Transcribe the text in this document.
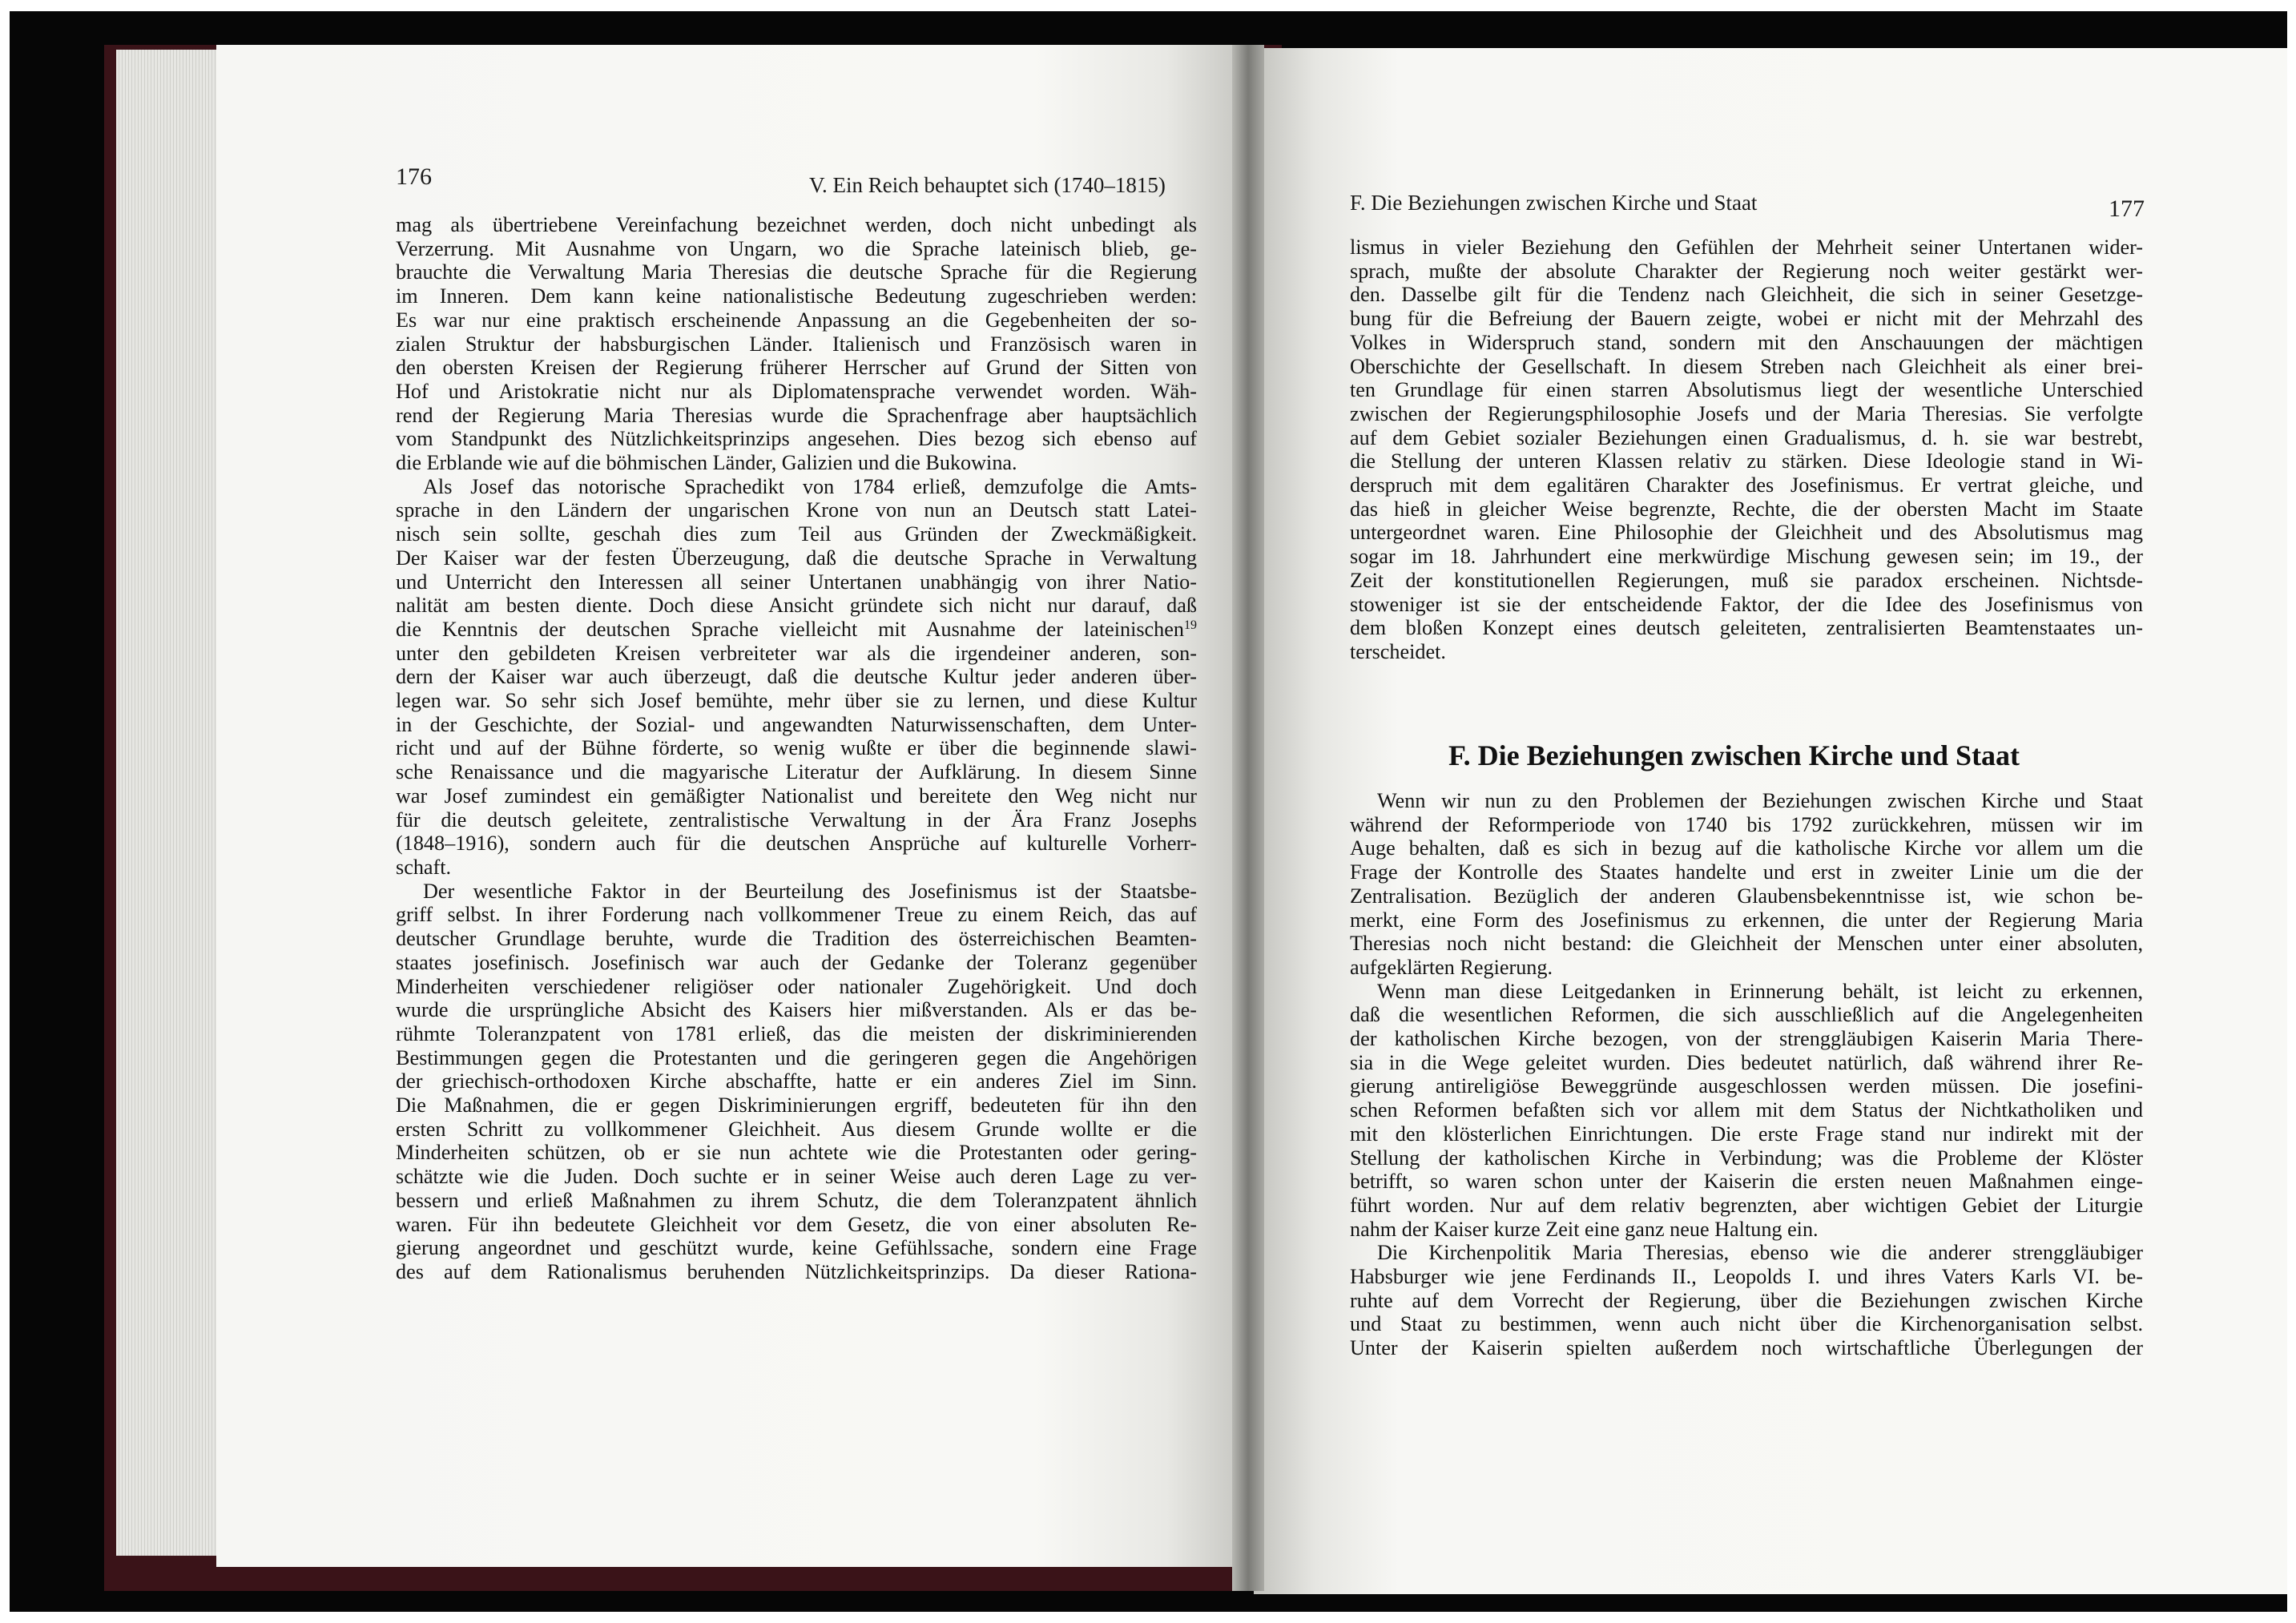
176	V. Ein Reich behauptet sich (1740–1815)
mag als übertriebene Vereinfachung bezeichnet werden, doch nicht unbedingt als
Verzerrung. Mit Ausnahme von Ungarn, wo die Sprache lateinisch blieb, ge-
brauchte die Verwaltung Maria Theresias die deutsche Sprache für die Regierung
im Inneren. Dem kann keine nationalistische Bedeutung zugeschrieben werden:
Es war nur eine praktisch erscheinende Anpassung an die Gegebenheiten der so-
zialen Struktur der habsburgischen Länder. Italienisch und Französisch waren in
den obersten Kreisen der Regierung früherer Herrscher auf Grund der Sitten von
Hof und Aristokratie nicht nur als Diplomatensprache verwendet worden. Wäh-
rend der Regierung Maria Theresias wurde die Sprachenfrage aber hauptsächlich
vom Standpunkt des Nützlichkeitsprinzips angesehen. Dies bezog sich ebenso auf
die Erblande wie auf die böhmischen Länder, Galizien und die Bukowina.
Als Josef das notorische Sprachedikt von 1784 erließ, demzufolge die Amts-
sprache in den Ländern der ungarischen Krone von nun an Deutsch statt Latei-
nisch sein sollte, geschah dies zum Teil aus Gründen der Zweckmäßigkeit.
Der Kaiser war der festen Überzeugung, daß die deutsche Sprache in Verwaltung
und Unterricht den Interessen all seiner Untertanen unabhängig von ihrer Natio-
nalität am besten diente. Doch diese Ansicht gründete sich nicht nur darauf, daß
die Kenntnis der deutschen Sprache vielleicht mit Ausnahme der lateinischen$^{19}$
unter den gebildeten Kreisen verbreiteter war als die irgendeiner anderen, son-
dern der Kaiser war auch überzeugt, daß die deutsche Kultur jeder anderen über-
legen war. So sehr sich Josef bemühte, mehr über sie zu lernen, und diese Kultur
in der Geschichte, der Sozial- und angewandten Naturwissenschaften, dem Unter-
richt und auf der Bühne förderte, so wenig wußte er über die beginnende slawi-
sche Renaissance und die magyarische Literatur der Aufklärung. In diesem Sinne
war Josef zumindest ein gemäßigter Nationalist und bereitete den Weg nicht nur
für die deutsch geleitete, zentralistische Verwaltung in der Ära Franz Josephs
(1848–1916), sondern auch für die deutschen Ansprüche auf kulturelle Vorherr-
schaft.
Der wesentliche Faktor in der Beurteilung des Josefinismus ist der Staatsbe-
griff selbst. In ihrer Forderung nach vollkommener Treue zu einem Reich, das auf
deutscher Grundlage beruhte, wurde die Tradition des österreichischen Beamten-
staates josefinisch. Josefinisch war auch der Gedanke der Toleranz gegenüber
Minderheiten verschiedener religiöser oder nationaler Zugehörigkeit. Und doch
wurde die ursprüngliche Absicht des Kaisers hier mißverstanden. Als er das be-
rühmte Toleranzpatent von 1781 erließ, das die meisten der diskriminierenden
Bestimmungen gegen die Protestanten und die geringeren gegen die Angehörigen
der griechisch-orthodoxen Kirche abschaffte, hatte er ein anderes Ziel im Sinn.
Die Maßnahmen, die er gegen Diskriminierungen ergriff, bedeuteten für ihn den
ersten Schritt zu vollkommener Gleichheit. Aus diesem Grunde wollte er die
Minderheiten schützen, ob er sie nun achtete wie die Protestanten oder gering-
schätzte wie die Juden. Doch suchte er in seiner Weise auch deren Lage zu ver-
bessern und erließ Maßnahmen zu ihrem Schutz, die dem Toleranzpatent ähnlich
waren. Für ihn bedeutete Gleichheit vor dem Gesetz, die von einer absoluten Re-
gierung angeordnet und geschützt wurde, keine Gefühlssache, sondern eine Frage
des auf dem Rationalismus beruhenden Nützlichkeitsprinzips. Da dieser Rationa-
F. Die Beziehungen zwischen Kirche und Staat	177
lismus in vieler Beziehung den Gefühlen der Mehrheit seiner Untertanen wider-
sprach, mußte der absolute Charakter der Regierung noch weiter gestärkt wer-
den. Dasselbe gilt für die Tendenz nach Gleichheit, die sich in seiner Gesetzge-
bung für die Befreiung der Bauern zeigte, wobei er nicht mit der Mehrzahl des
Volkes in Widerspruch stand, sondern mit den Anschauungen der mächtigen
Oberschichte der Gesellschaft. In diesem Streben nach Gleichheit als einer brei-
ten Grundlage für einen starren Absolutismus liegt der wesentliche Unterschied
zwischen der Regierungsphilosophie Josefs und der Maria Theresias. Sie verfolgte
auf dem Gebiet sozialer Beziehungen einen Gradualismus, d. h. sie war bestrebt,
die Stellung der unteren Klassen relativ zu stärken. Diese Ideologie stand in Wi-
derspruch mit dem egalitären Charakter des Josefinismus. Er vertrat gleiche, und
das hieß in gleicher Weise begrenzte, Rechte, die der obersten Macht im Staate
untergeordnet waren. Eine Philosophie der Gleichheit und des Absolutismus mag
sogar im 18. Jahrhundert eine merkwürdige Mischung gewesen sein; im 19., der
Zeit der konstitutionellen Regierungen, muß sie paradox erscheinen. Nichtsde-
stoweniger ist sie der entscheidende Faktor, der die Idee des Josefinismus von
dem bloßen Konzept eines deutsch geleiteten, zentralisierten Beamtenstaates un-
terscheidet.
F. Die Beziehungen zwischen Kirche und Staat
Wenn wir nun zu den Problemen der Beziehungen zwischen Kirche und Staat
während der Reformperiode von 1740 bis 1792 zurückkehren, müssen wir im
Auge behalten, daß es sich in bezug auf die katholische Kirche vor allem um die
Frage der Kontrolle des Staates handelte und erst in zweiter Linie um die der
Zentralisation. Bezüglich der anderen Glaubensbekenntnisse ist, wie schon be-
merkt, eine Form des Josefinismus zu erkennen, die unter der Regierung Maria
Theresias noch nicht bestand: die Gleichheit der Menschen unter einer absoluten,
aufgeklärten Regierung.
Wenn man diese Leitgedanken in Erinnerung behält, ist leicht zu erkennen,
daß die wesentlichen Reformen, die sich ausschließlich auf die Angelegenheiten
der katholischen Kirche bezogen, von der strenggläubigen Kaiserin Maria There-
sia in die Wege geleitet wurden. Dies bedeutet natürlich, daß während ihrer Re-
gierung antireligiöse Beweggründe ausgeschlossen werden müssen. Die josefini-
schen Reformen befaßten sich vor allem mit dem Status der Nichtkatholiken und
mit den klösterlichen Einrichtungen. Die erste Frage stand nur indirekt mit der
Stellung der katholischen Kirche in Verbindung; was die Probleme der Klöster
betrifft, so waren schon unter der Kaiserin die ersten neuen Maßnahmen einge-
führt worden. Nur auf dem relativ begrenzten, aber wichtigen Gebiet der Liturgie
nahm der Kaiser kurze Zeit eine ganz neue Haltung ein.
Die Kirchenpolitik Maria Theresias, ebenso wie die anderer strenggläubiger
Habsburger wie jene Ferdinands II., Leopolds I. und ihres Vaters Karls VI. be-
ruhte auf dem Vorrecht der Regierung, über die Beziehungen zwischen Kirche
und Staat zu bestimmen, wenn auch nicht über die Kirchenorganisation selbst.
Unter der Kaiserin spielten außerdem noch wirtschaftliche Überlegungen der
